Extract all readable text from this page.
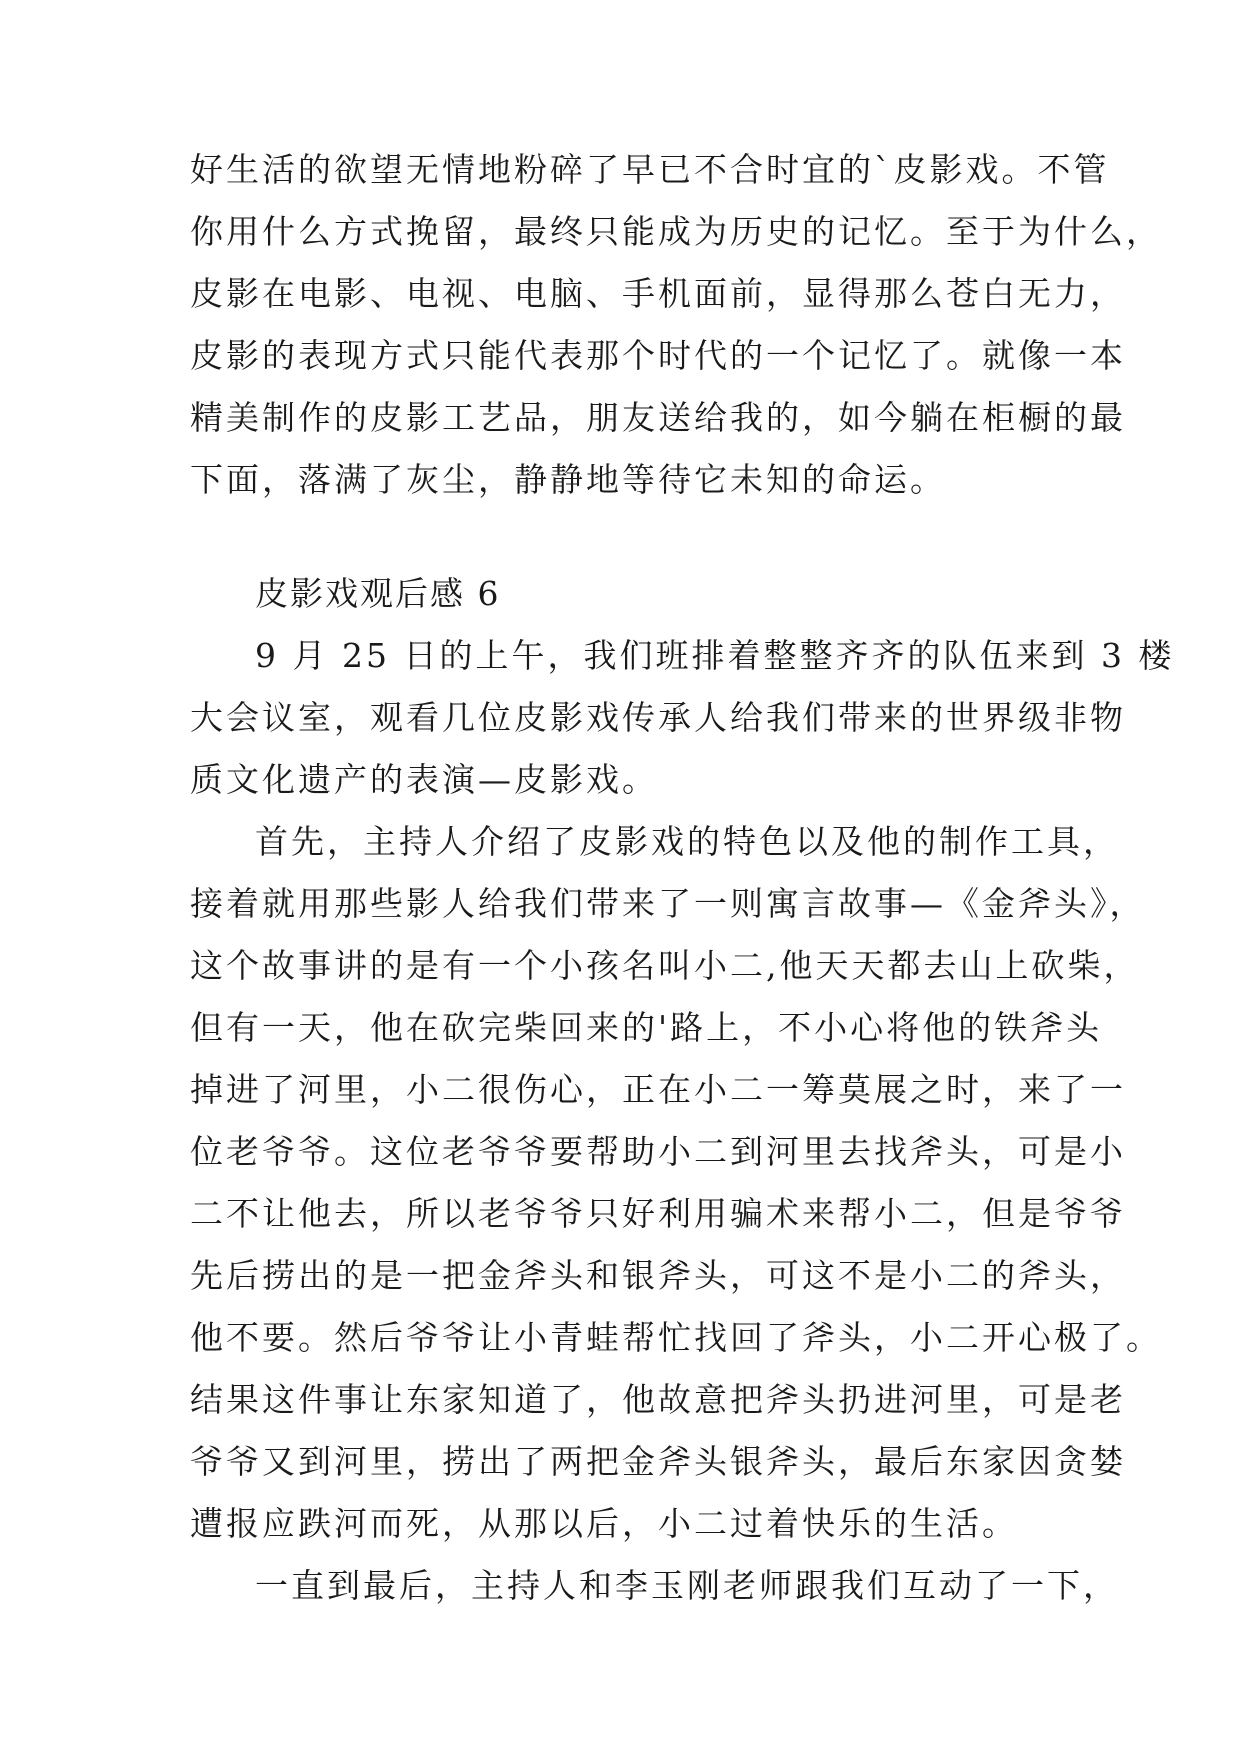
好生活的欲望无情地粉碎了早已不合时宜的`皮影戏。不管
你用什么方式挽留，最终只能成为历史的记忆。至于为什么，
皮影在电影、电视、电脑、手机面前，显得那么苍白无力，
皮影的表现方式只能代表那个时代的一个记忆了。就像一本
精美制作的皮影工艺品，朋友送给我的，如今躺在柜橱的最
下面，落满了灰尘，静静地等待它未知的命运。
皮影戏观后感 6
9 月 25 日的上午，我们班排着整整齐齐的队伍来到 3 楼
大会议室，观看几位皮影戏传承人给我们带来的世界级非物
质文化遗产的表演—皮影戏。
首先，主持人介绍了皮影戏的特色以及他的制作工具，
接着就用那些影人给我们带来了一则寓言故事—《金斧头》，
这个故事讲的是有一个小孩名叫小二,他天天都去山上砍柴，
但有一天，他在砍完柴回来的'路上，不小心将他的铁斧头
掉进了河里，小二很伤心，正在小二一筹莫展之时，来了一
位老爷爷。这位老爷爷要帮助小二到河里去找斧头，可是小
二不让他去，所以老爷爷只好利用骗术来帮小二，但是爷爷
先后捞出的是一把金斧头和银斧头，可这不是小二的斧头，
他不要。然后爷爷让小青蛙帮忙找回了斧头，小二开心极了。
结果这件事让东家知道了，他故意把斧头扔进河里，可是老
爷爷又到河里，捞出了两把金斧头银斧头，最后东家因贪婪
遭报应跌河而死，从那以后，小二过着快乐的生活。
一直到最后，主持人和李玉刚老师跟我们互动了一下，
